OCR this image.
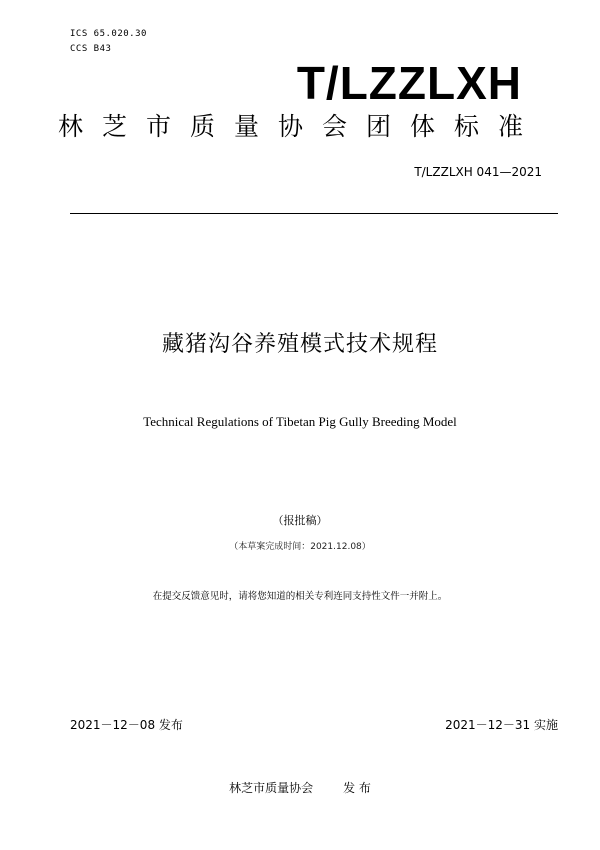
ICS 65.020.30
CCS B43
T/LZZLXH
林芝市质量协会团体标准
T/LZZLXH 041—2021
藏猪沟谷养殖模式技术规程
Technical Regulations of Tibetan Pig Gully Breeding Model
（报批稿）
（本草案完成时间：2021.12.08）
在提交反馈意见时，请将您知道的相关专利连同支持性文件一并附上。
2021－12－08 发布	2021－12－31 实施
林芝市质量协会	发 布
